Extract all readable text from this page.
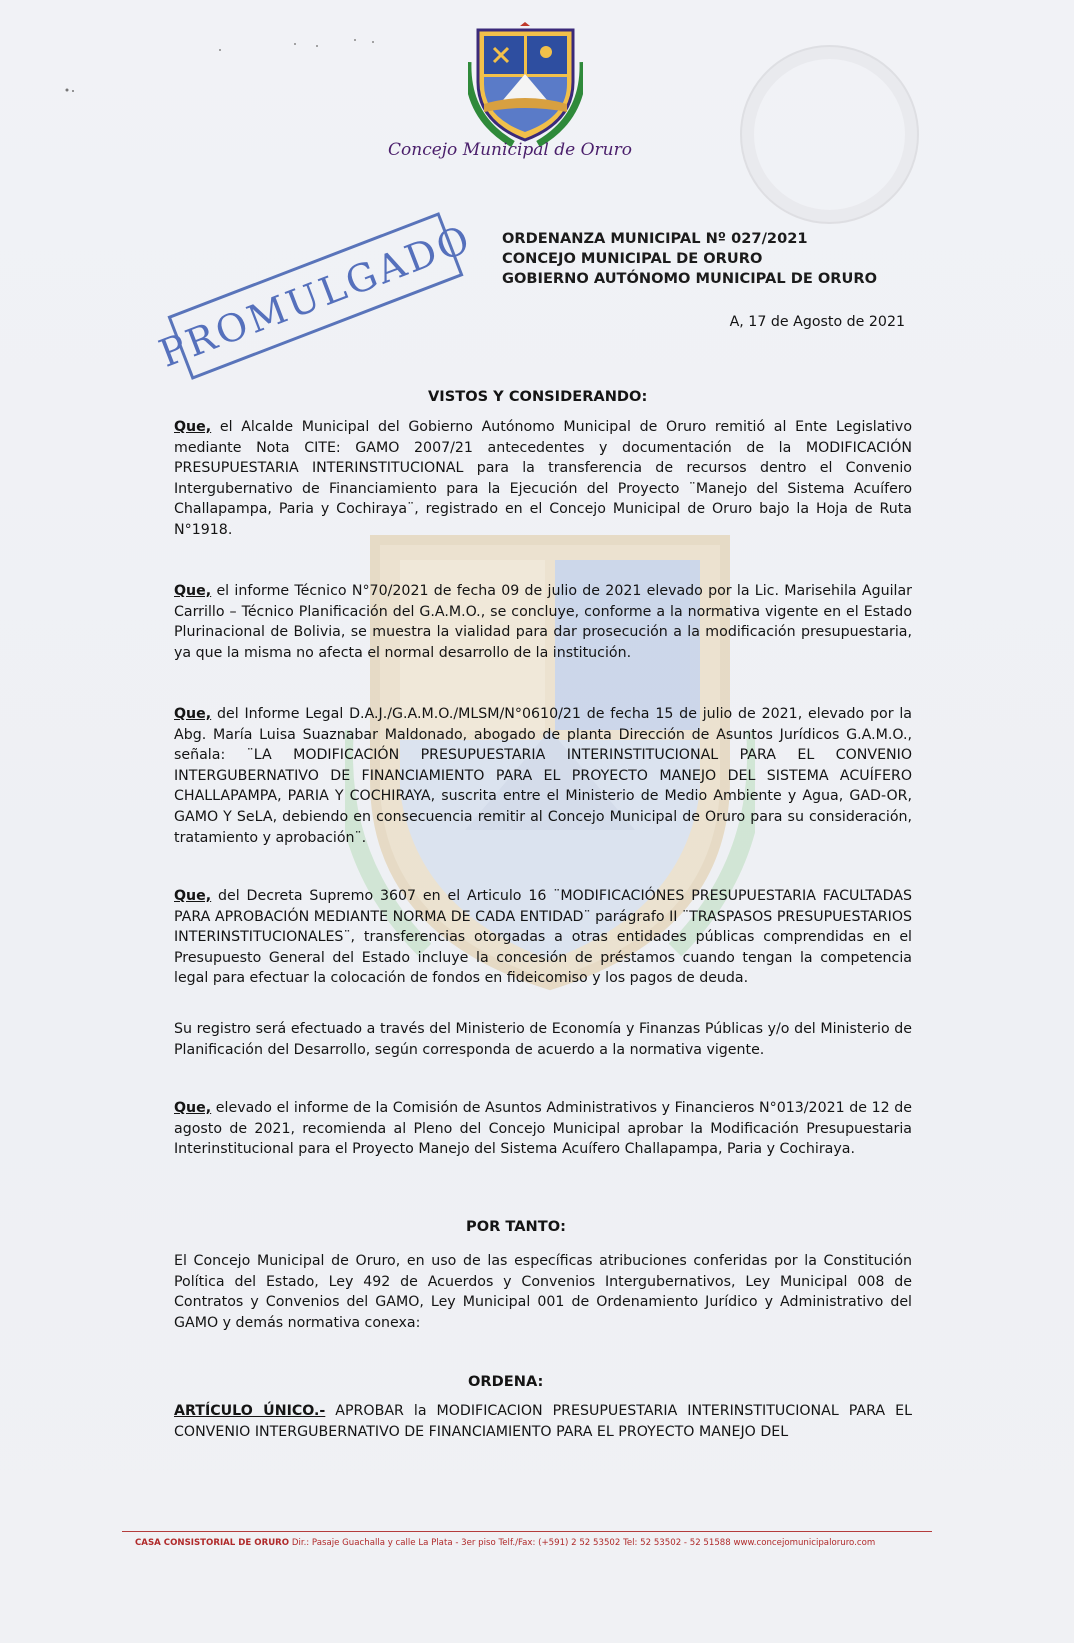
Concejo Municipal de Oruro
PROMULGADO ORDENANZA MUNICIPAL Nº 027/2021
CONCEJO MUNICIPAL DE ORURO
GOBIERNO AUTÓNOMO MUNICIPAL DE ORURO
A, 17 de Agosto de 2021
VISTOS Y CONSIDERANDO:
Que, el Alcalde Municipal del Gobierno Autónomo Municipal de Oruro remitió al Ente Legislativo mediante Nota CITE: GAMO 2007/21 antecedentes y documentación de la MODIFICACIÓN PRESUPUESTARIA INTERINSTITUCIONAL para la transferencia de recursos dentro el Convenio Intergubernativo de Financiamiento para la Ejecución del Proyecto ¨Manejo del Sistema Acuífero Challapampa, Paria y Cochiraya¨, registrado en el Concejo Municipal de Oruro bajo la Hoja de Ruta N°1918.
Que, el informe Técnico N°70/2021 de fecha 09 de julio de 2021 elevado por la Lic. Marisehila Aguilar Carrillo – Técnico Planificación del G.A.M.O., se concluye, conforme a la normativa vigente en el Estado Plurinacional de Bolivia, se muestra la vialidad para dar prosecución a la modificación presupuestaria, ya que la misma no afecta el normal desarrollo de la institución.
Que, del Informe Legal D.A.J./G.A.M.O./MLSM/N°0610/21 de fecha 15 de julio de 2021, elevado por la Abg. María Luisa Suaznabar Maldonado, abogado de planta Dirección de Asuntos Jurídicos G.A.M.O., señala: ¨LA MODIFICACIÓN PRESUPUESTARIA INTERINSTITUCIONAL PARA EL CONVENIO INTERGUBERNATIVO DE FINANCIAMIENTO PARA EL PROYECTO MANEJO DEL SISTEMA ACUÍFERO CHALLAPAMPA, PARIA Y COCHIRAYA, suscrita entre el Ministerio de Medio Ambiente y Agua, GAD-OR, GAMO Y SeLA, debiendo en consecuencia remitir al Concejo Municipal de Oruro para su consideración, tratamiento y aprobación¨.
Que, del Decreta Supremo 3607 en el Articulo 16 ¨MODIFICACIÓNES PRESUPUESTARIA FACULTADAS PARA APROBACIÓN MEDIANTE NORMA DE CADA ENTIDAD¨ parágrafo II ¨TRASPASOS PRESUPUESTARIOS INTERINSTITUCIONALES¨, transferencias otorgadas a otras entidades públicas comprendidas en el Presupuesto General del Estado incluye la concesión de préstamos cuando tengan la competencia legal para efectuar la colocación de fondos en fideicomiso y los pagos de deuda.
Su registro será efectuado a través del Ministerio de Economía y Finanzas Públicas y/o del Ministerio de Planificación del Desarrollo, según corresponda de acuerdo a la normativa vigente.
Que, elevado el informe de la Comisión de Asuntos Administrativos y Financieros N°013/2021 de 12 de agosto de 2021, recomienda al Pleno del Concejo Municipal aprobar la Modificación Presupuestaria Interinstitucional para el Proyecto Manejo del Sistema Acuífero Challapampa, Paria y Cochiraya.
POR TANTO:
El Concejo Municipal de Oruro, en uso de las específicas atribuciones conferidas por la Constitución Política del Estado, Ley 492 de Acuerdos y Convenios Intergubernativos, Ley Municipal 008 de Contratos y Convenios del GAMO, Ley Municipal 001 de Ordenamiento Jurídico y Administrativo del GAMO y demás normativa conexa:
ORDENA:
ARTÍCULO ÚNICO.- APROBAR la MODIFICACION PRESUPUESTARIA INTERINSTITUCIONAL PARA EL CONVENIO INTERGUBERNATIVO DE FINANCIAMIENTO PARA EL PROYECTO MANEJO DEL
CASA CONSISTORIAL DE ORURO Dir.: Pasaje Guachalla y calle La Plata - 3er piso Telf./Fax: (+591) 2 52 53502 Tel: 52 53502 - 52 51588 www.concejomunicipaloruro.com
